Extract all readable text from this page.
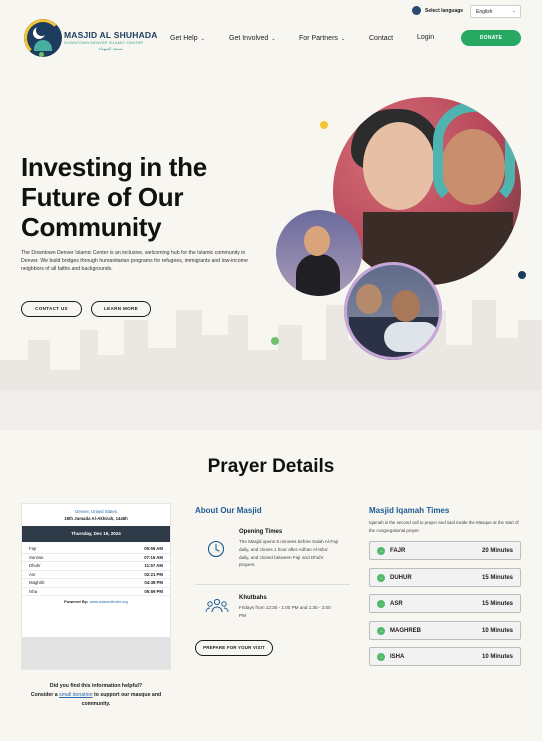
Select language	English	⌄
MASJID AL SHUHADA
DOWNTOWN DENVER ISLAMIC CENTER
مسجد الشهداء
Get Help ⌄	Get Involved ⌄	For Partners ⌄	Contact	Login	DONATE
Investing in the Future of Our Community

The Downtown Denver Islamic Center is an inclusive, welcoming hub for the Islamic community in Denver. We build bridges through humanitarian programs for refugees, immigrants and low-income neighbors of all faiths and backgrounds.

CONTACT US	LEARN MORE
Prayer Details
Denver, United States
18th Jumada Al-Akhirah, 1446h
Thursday, Dec 19, 2024
Fajr	05:56 AM
Sunrise	07:16 AM
Dhuhr	11:57 AM
Asr	02:21 PM
Maghrib	04:38 PM
Isha	05:59 PM
Powered By: www.islamicfinder.org
Did you find this information helpful?
Consider a small donation to support our masque and community.
About Our Masjid
Opening Times
The Masjid opens 5 minutes before Salah Al-Fajr daily, and closes 1 hour after Adhan Al-Isha' daily, and closed between Fajr and Dhuhr prayers.
Khutbahs
Fridays from 12:30 - 1:00 PM and 1:30 - 2:00 PM
PREPARE FOR YOUR VISIT
Masjid Iqamah Times
Iqamah is the second call to prayer and said inside the Masque at the start of the congregational prayer.
→ FAJR	20 Minutes
→ DUHUR	15 Minutes
→ ASR	15 Minutes
→ MAGHREB	10 Minutes
→ ISHA	10 Minutes
